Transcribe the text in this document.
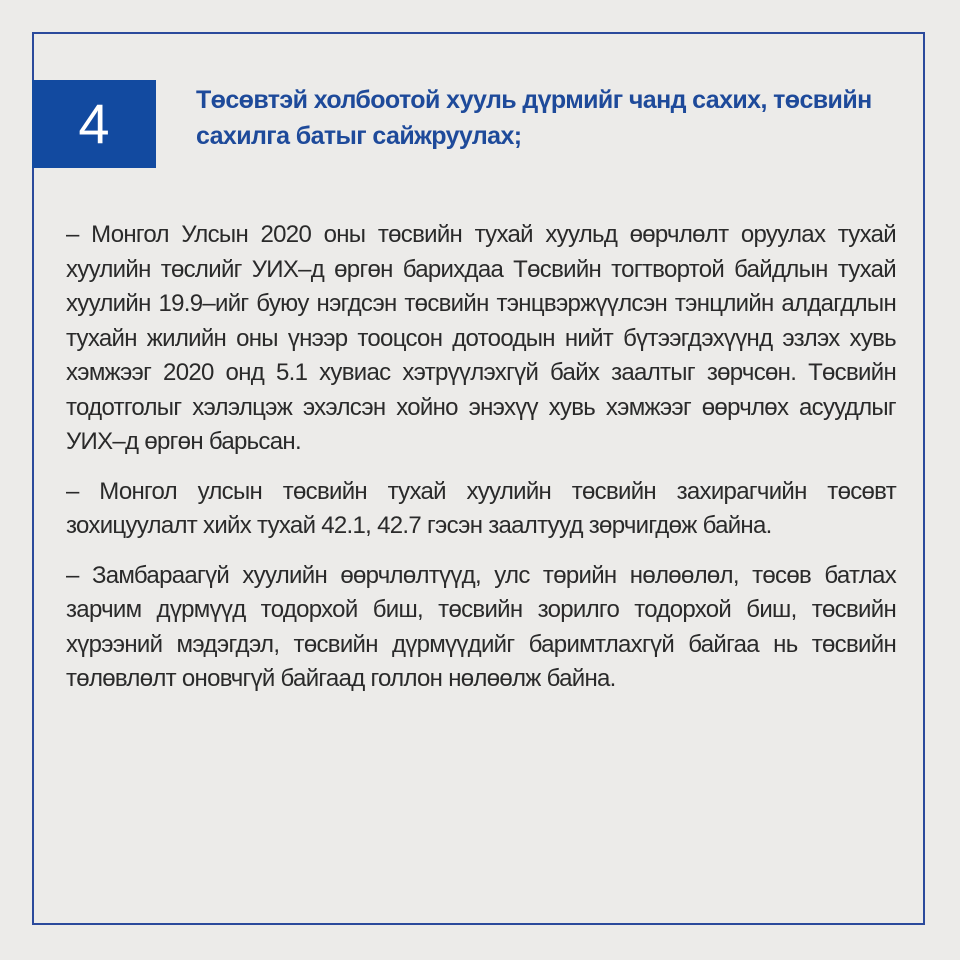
4	Төсөвтэй холбоотой хууль дүрмийг чанд сахих, төсвийн сахилга батыг сайжруулах;

– Монгол Улсын 2020 оны төсвийн тухай хуульд өөрчлөлт оруулах тухай хуулийн төслийг УИХ–д өргөн барихдаа Төсвийн тогтвортой байдлын тухай хуулийн 19.9–ийг буюу нэгдсэн төсвийн тэнцвэржүүлсэн тэнцлийн алдагдлын тухайн жилийн оны үнээр тооцсон дотоодын нийт бүтээгдэхүүнд эзлэх хувь хэмжээг 2020 онд 5.1 хувиас хэтрүүлэхгүй байх заалтыг зөрчсөн. Төсвийн тодотголыг хэлэлцэж эхэлсэн хойно энэхүү хувь хэмжээг өөрчлөх асуудлыг УИХ–д өргөн барьсан.

– Монгол улсын төсвийн тухай хуулийн төсвийн захирагчийн төсөвт зохицуулалт хийх тухай 42.1, 42.7 гэсэн заалтууд зөрчигдөж байна.

– Замбараагүй хуулийн өөрчлөлтүүд, улс төрийн нөлөөлөл, төсөв батлах зарчим дүрмүүд тодорхой биш, төсвийн зорилго тодорхой биш, төсвийн хүрээний мэдэгдэл, төсвийн дүрмүүдийг баримтлахгүй байгаа нь төсвийн төлөвлөлт оновчгүй байгаад голлон нөлөөлж байна.
